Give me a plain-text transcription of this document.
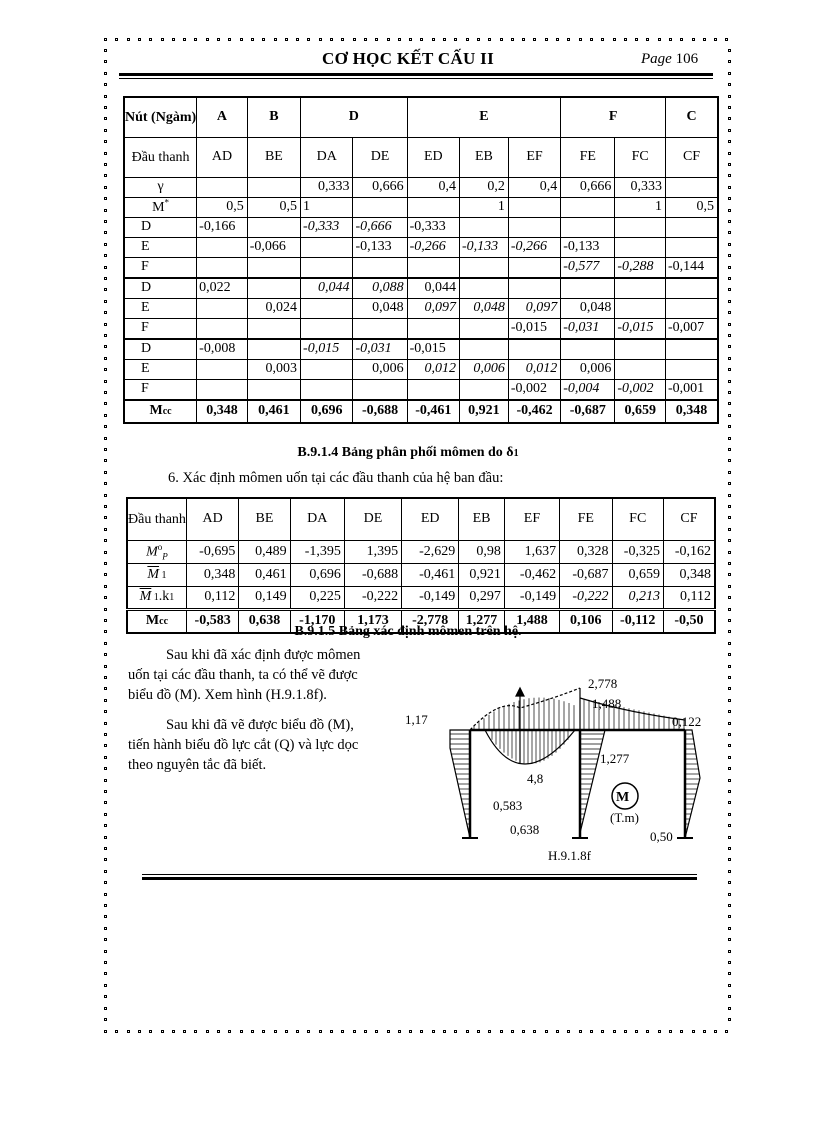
CƠ HỌC KẾT CẤU II	Page 106
Nút (Ngàm)	A	B	D		E			F		C
Đầu thanh	AD	BE	DA	DE	ED	EB	EF	FE	FC	CF
γ			0,333	0,666	0,4	0,2	0,4	0,666	0,333	
M*	0,5	0,5	1			1			1	0,5
D	-0,166		-0,333	-0,666	-0,333					
E		-0,066		-0,133	-0,266	-0,133	-0,266	-0,133		
F								-0,577	-0,288	-0,144
D	0,022		0,044	0,088	0,044					
E		0,024		0,048	0,097	0,048	0,097	0,048		
F							-0,015	-0,031	-0,015	-0,007
D	-0,008		-0,015	-0,031	-0,015					
E		0,003		0,006	0,012	0,006	0,012	0,006		
F							-0,002	-0,004	-0,002	-0,001
Mcc	0,348	0,461	0,696	-0,688	-0,461	0,921	-0,462	-0,687	0,659	0,348
B.9.1.4 Bảng phân phối mômen do δ1
6. Xác định mômen uốn tại các đầu thanh của hệ ban đầu:
Đầu thanh	AD	BE	DA	DE	ED	EB	EF	FE	FC	CF
$M^o_P$	-0,695	0,489	-1,395	1,395	-2,629	0,98	1,637	0,328	-0,325	-0,162
$\overline{M}$ 1	0,348	0,461	0,696	-0,688	-0,461	0,921	-0,462	-0,687	0,659	0,348
$\overline{M}$ 1.k1	0,112	0,149	0,225	-0,222	-0,149	0,297	-0,149	-0,222	0,213	0,112
Mcc	-0,583	0,638	-1,170	1,173	-2,778	1,277	1,488	0,106	-0,112	-0,50
B.9.1.5 Bảng xác định mômen trên hệ.
Sau khi đã xác định được mômen
uốn tại các đầu thanh, ta có thể vẽ được
biểu đồ (M). Xem hình (H.9.1.8f).
Sau khi đã vẽ được biểu đồ (M),
tiến hành biểu đồ lực cắt (Q) và lực dọc
theo nguyên tắc đã biết.
M
(T.m)
2,778
1,488
1,17	0,122
1,277
4,8
0,583
0,638	0,50
H.9.1.8f
